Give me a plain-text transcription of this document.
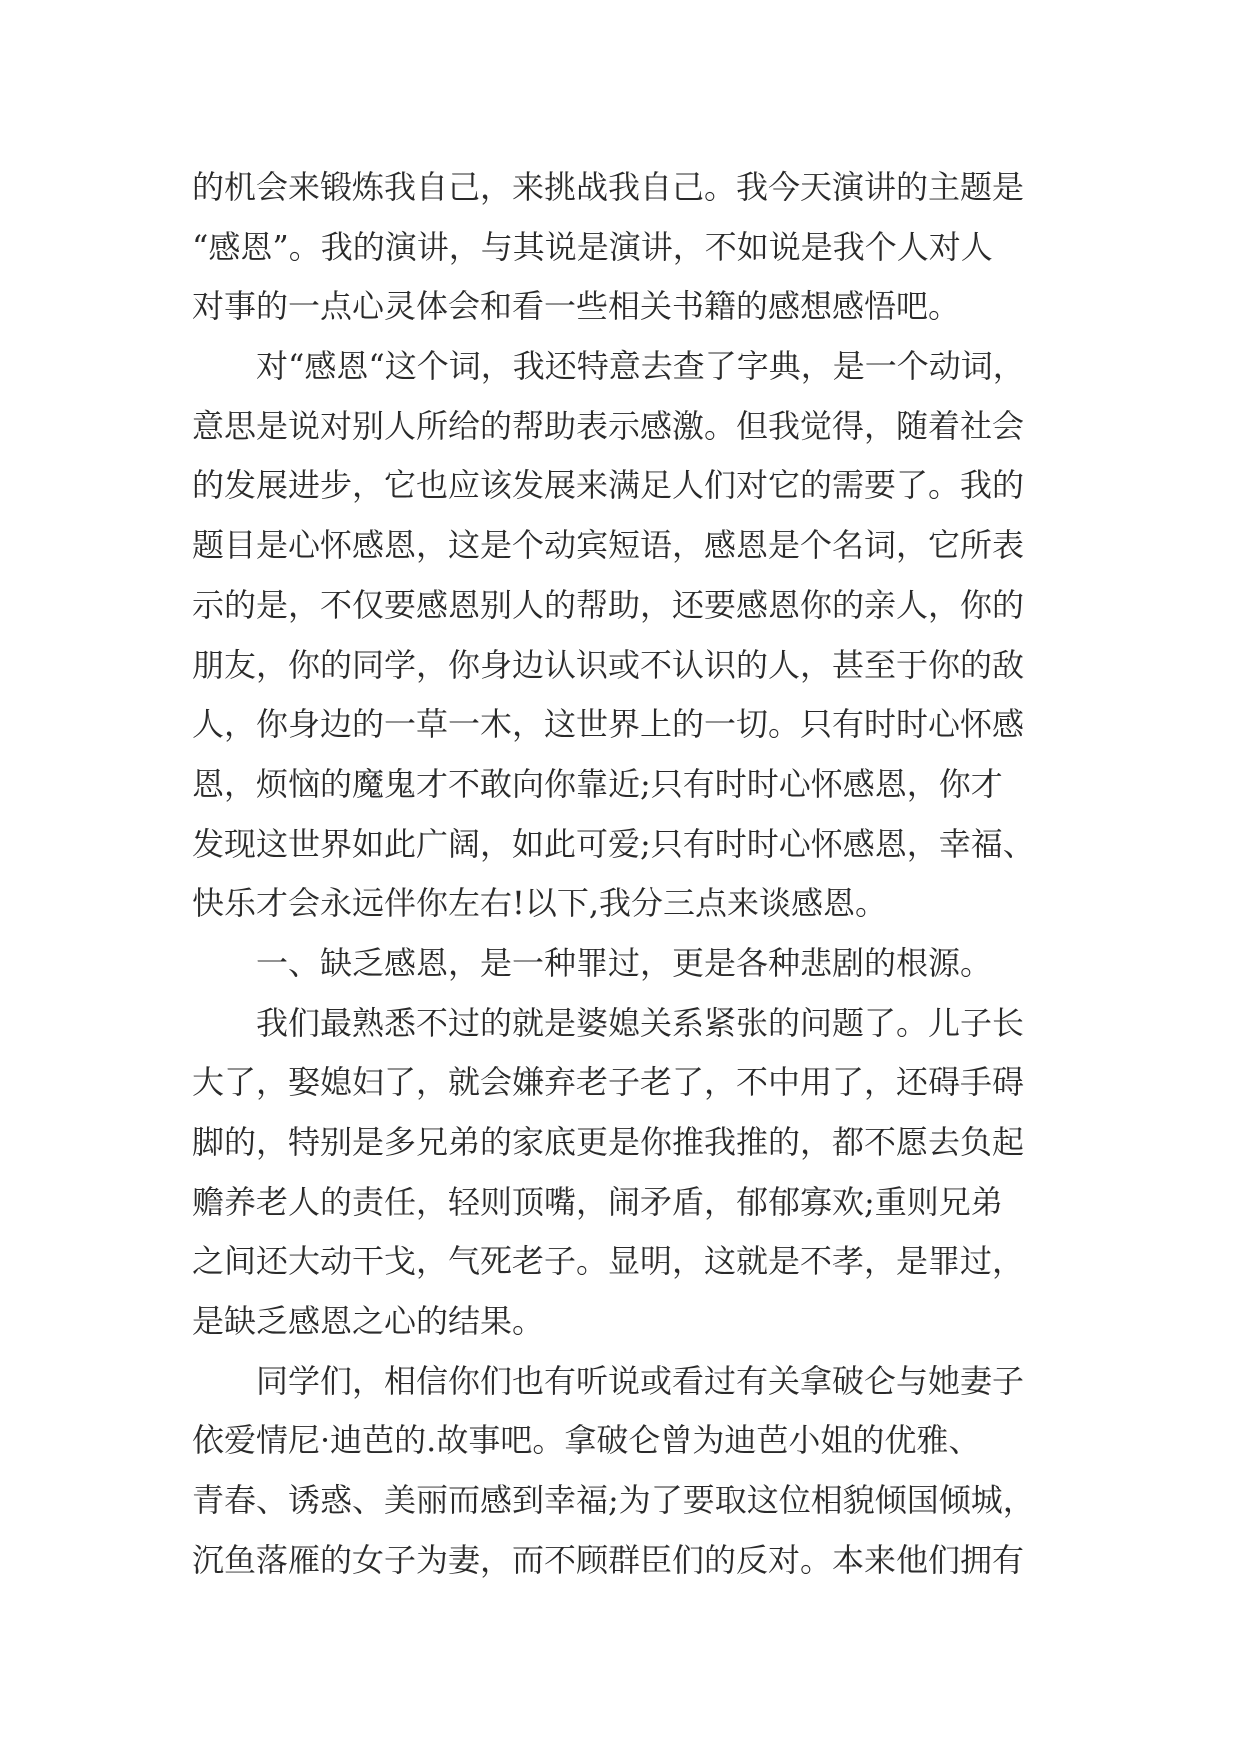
的机会来锻炼我自己，来挑战我自己。我今天演讲的主题是
“感恩”。我的演讲，与其说是演讲，不如说是我个人对人
对事的一点心灵体会和看一些相关书籍的感想感悟吧。
对“感恩“这个词，我还特意去查了字典，是一个动词，
意思是说对别人所给的帮助表示感激。但我觉得，随着社会
的发展进步，它也应该发展来满足人们对它的需要了。我的
题目是心怀感恩，这是个动宾短语，感恩是个名词，它所表
示的是，不仅要感恩别人的帮助，还要感恩你的亲人，你的
朋友，你的同学，你身边认识或不认识的人，甚至于你的敌
人，你身边的一草一木，这世界上的一切。只有时时心怀感
恩，烦恼的魔鬼才不敢向你靠近;只有时时心怀感恩，你才
发现这世界如此广阔，如此可爱;只有时时心怀感恩，幸福、
快乐才会永远伴你左右!以下,我分三点来谈感恩。
一、缺乏感恩，是一种罪过，更是各种悲剧的根源。
我们最熟悉不过的就是婆媳关系紧张的问题了。儿子长
大了，娶媳妇了，就会嫌弃老子老了，不中用了，还碍手碍
脚的，特别是多兄弟的家底更是你推我推的，都不愿去负起
赡养老人的责任，轻则顶嘴，闹矛盾，郁郁寡欢;重则兄弟
之间还大动干戈，气死老子。显明，这就是不孝，是罪过，
是缺乏感恩之心的结果。
同学们，相信你们也有听说或看过有关拿破仑与她妻子
依爱情尼·迪芭的.故事吧。拿破仑曾为迪芭小姐的优雅、
青春、诱惑、美丽而感到幸福;为了要取这位相貌倾国倾城，
沉鱼落雁的女子为妻，而不顾群臣们的反对。本来他们拥有
